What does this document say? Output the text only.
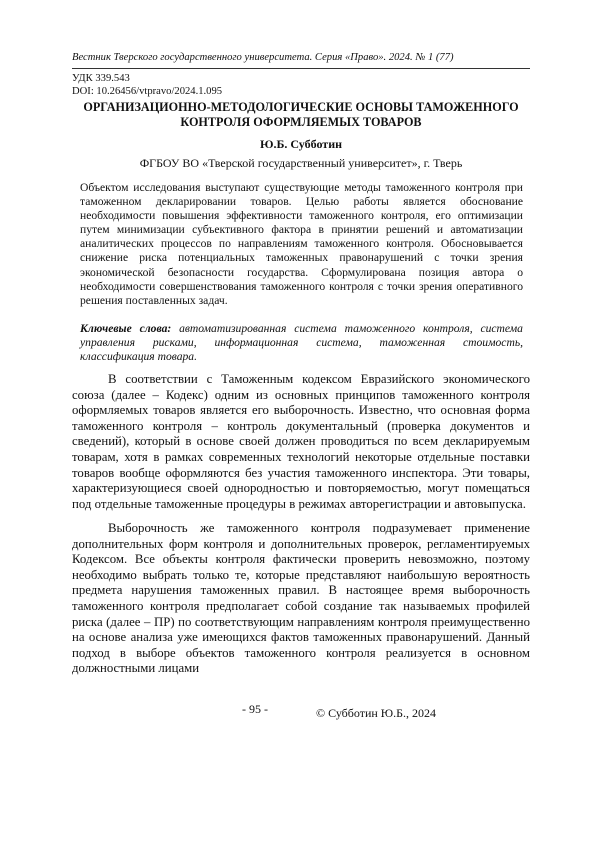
Вестник Тверского государственного университета. Серия «Право». 2024. № 1 (77)
УДК 339.543
DOI: 10.26456/vtpravo/2024.1.095
ОРГАНИЗАЦИОННО-МЕТОДОЛОГИЧЕСКИЕ ОСНОВЫ ТАМОЖЕННОГО КОНТРОЛЯ ОФОРМЛЯЕМЫХ ТОВАРОВ
Ю.Б. Субботин
ФГБОУ ВО «Тверской государственный университет», г. Тверь

Объектом исследования выступают существующие методы таможенного контроля при таможенном декларировании товаров. Целью работы является обоснование необходимости повышения эффективности таможенного контроля, его оптимизации путем минимизации субъективного фактора в принятии решений и автоматизации аналитических процессов по направлениям таможенного контроля. Обосновывается снижение риска потенциальных таможенных правонарушений с точки зрения экономической безопасности государства. Сформулирована позиция автора о необходимости совершенствования таможенного контроля с точки зрения оперативного решения поставленных задач.

Ключевые слова: автоматизированная система таможенного контроля, система управления рисками, информационная система, таможенная стоимость, классификация товара.

В соответствии с Таможенным кодексом Евразийского экономического союза (далее – Кодекс) одним из основных принципов таможенного контроля оформляемых товаров является его выборочность. Известно, что основная форма таможенного контроля – контроль документальный (проверка документов и сведений), который в основе своей должен проводиться по всем декларируемым товарам, хотя в рамках современных технологий некоторые отдельные поставки товаров вообще оформляются без участия таможенного инспектора. Эти товары, характеризующиеся своей однородностью и повторяемостью, могут помещаться под отдельные таможенные процедуры в режимах авторегистрации и автовыпуска.

Выборочность же таможенного контроля подразумевает применение дополнительных форм контроля и дополнительных проверок, регламентируемых Кодексом. Все объекты контроля фактически проверить невозможно, поэтому необходимо выбрать только те, которые представляют наибольшую вероятность предмета нарушения таможенных правил. В настоящее время выборочность таможенного контроля предполагает собой создание так называемых профилей риска (далее – ПР) по соответствующим направлениям контроля преимущественно на основе анализа уже имеющихся фактов таможенных правонарушений. Данный подход в выборе объектов таможенного контроля реализуется в основном должностными лицами

- 95 -	© Субботин Ю.Б., 2024
